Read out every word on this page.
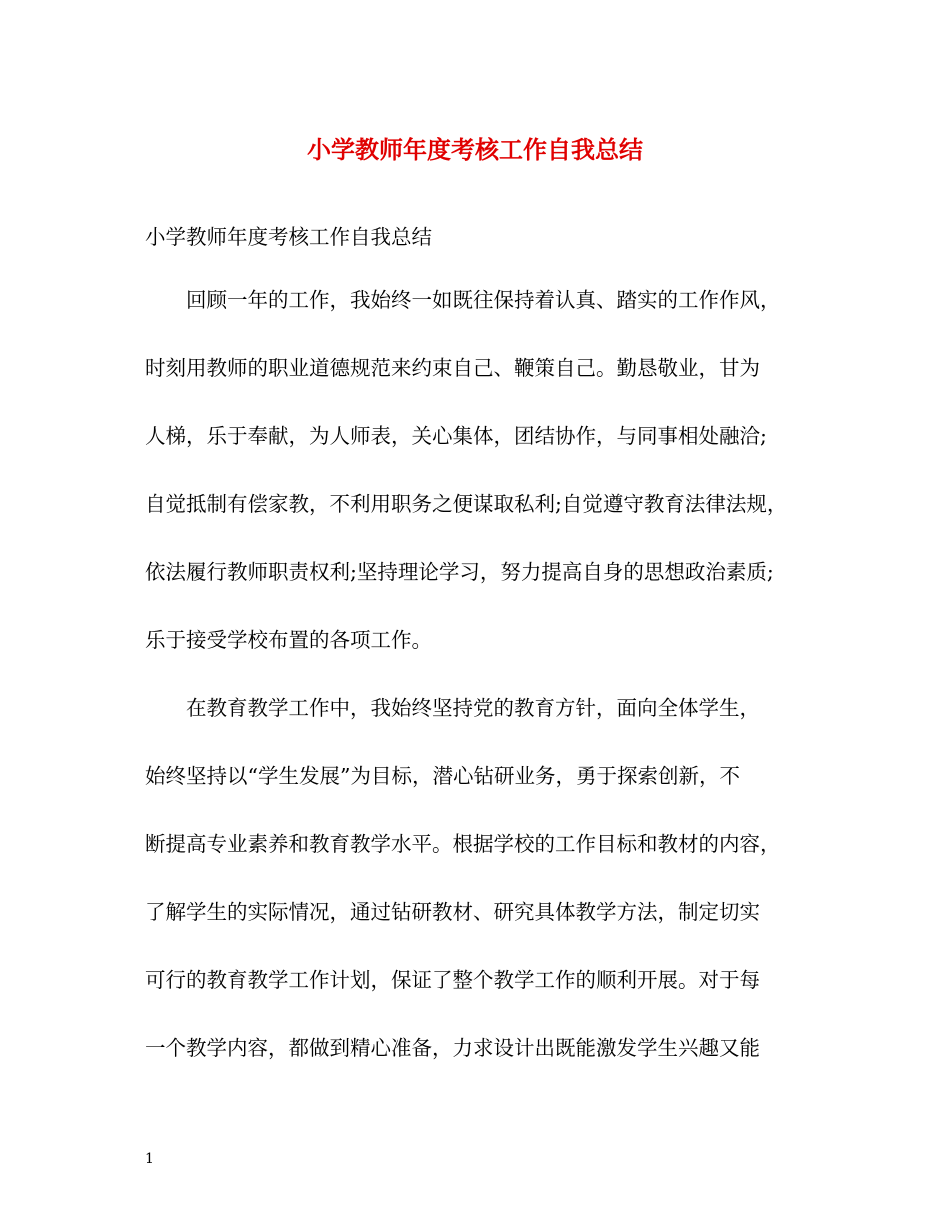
小学教师年度考核工作自我总结
小学教师年度考核工作自我总结
回顾一年的工作，我始终一如既往保持着认真、踏实的工作作风，
时刻用教师的职业道德规范来约束自己、鞭策自己。勤恳敬业，甘为
人梯，乐于奉献，为人师表，关心集体，团结协作，与同事相处融洽;
自觉抵制有偿家教，不利用职务之便谋取私利;自觉遵守教育法律法规，
依法履行教师职责权利;坚持理论学习，努力提高自身的思想政治素质;
乐于接受学校布置的各项工作。
在教育教学工作中，我始终坚持党的教育方针，面向全体学生，
始终坚持以“学生发展”为目标，潜心钻研业务，勇于探索创新，不
断提高专业素养和教育教学水平。根据学校的工作目标和教材的内容，
了解学生的实际情况，通过钻研教材、研究具体教学方法，制定切实
可行的教育教学工作计划，保证了整个教学工作的顺利开展。对于每
一个教学内容，都做到精心准备，力求设计出既能激发学生兴趣又能
1
